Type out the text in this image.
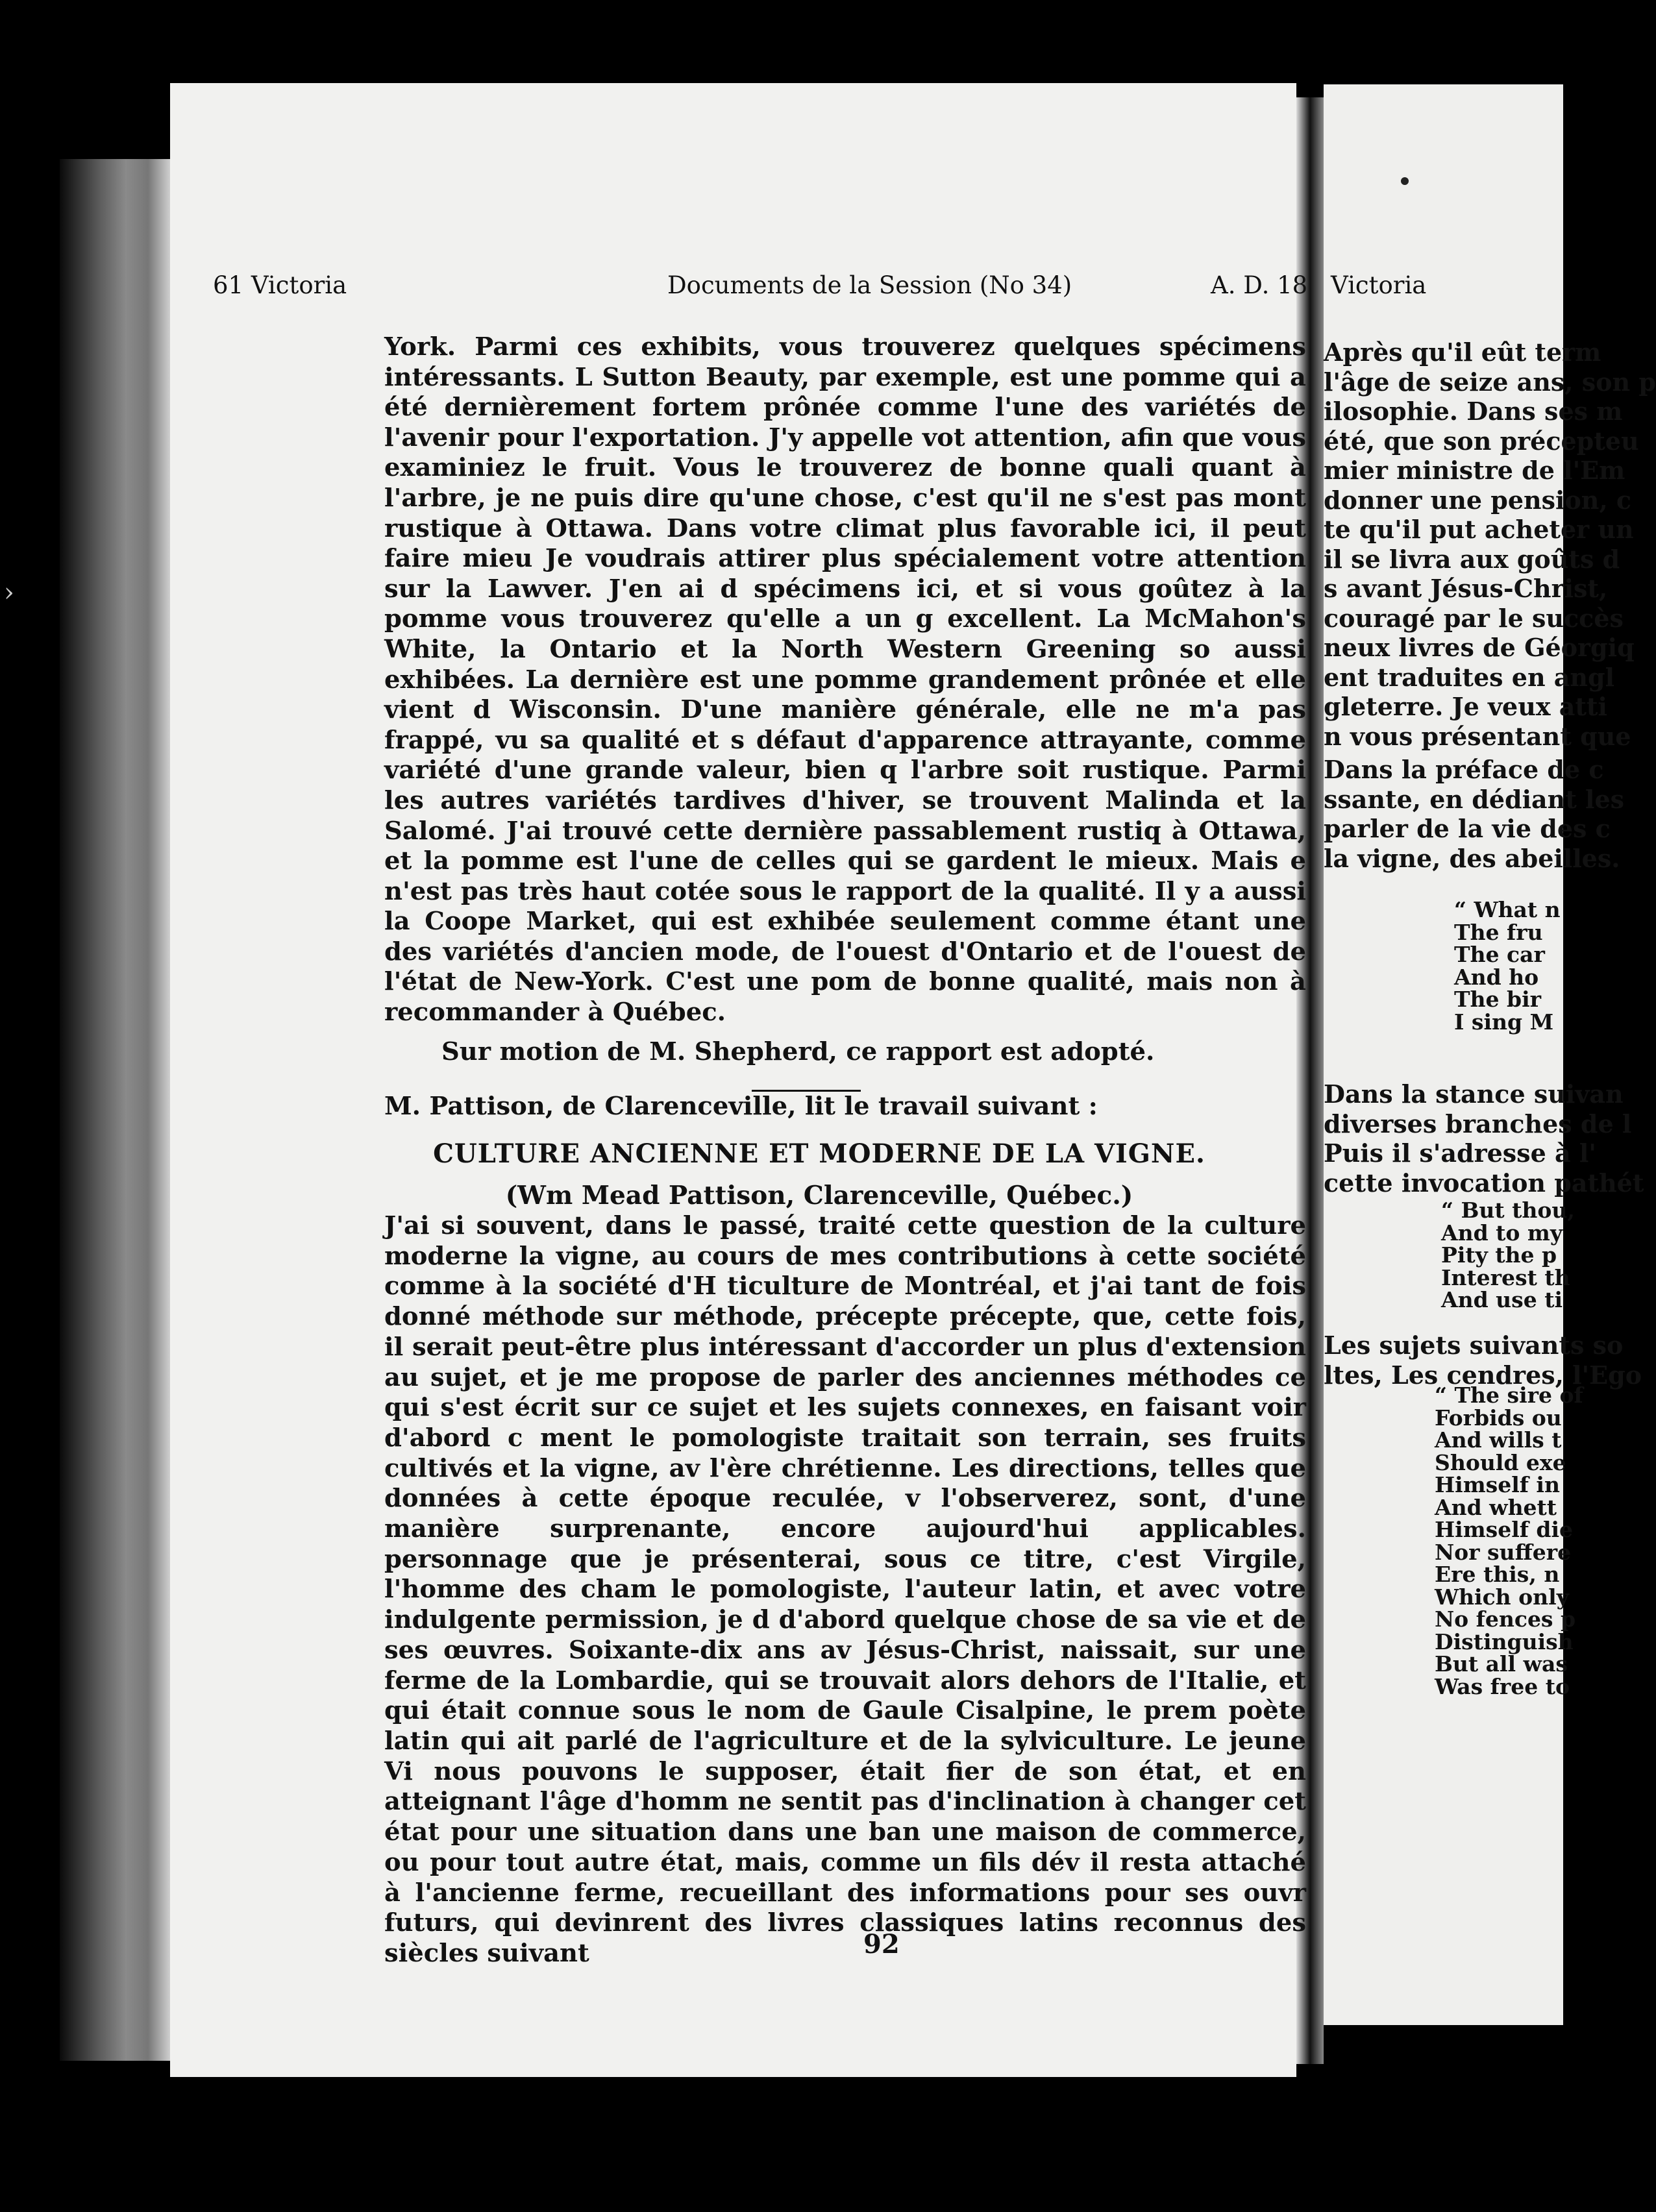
›
61 Victoria	Documents de la Session (No 34)	A. D. 18 Victoria

York. Parmi ces exhibits, vous trouverez quelques spécimens intéressants. L Sutton Beauty, par exemple, est une pomme qui a été dernièrement fortem prônée comme l'une des variétés de l'avenir pour l'exportation. J'y appelle vot attention, afin que vous examiniez le fruit. Vous le trouverez de bonne quali quant à l'arbre, je ne puis dire qu'une chose, c'est qu'il ne s'est pas mont rustique à Ottawa. Dans votre climat plus favorable ici, il peut faire mieu Je voudrais attirer plus spécialement votre attention sur la Lawver. J'en ai d spécimens ici, et si vous goûtez à la pomme vous trouverez qu'elle a un g excellent. La McMahon's White, la Ontario et la North Western Greening so aussi exhibées. La dernière est une pomme grandement prônée et elle vient d Wisconsin. D'une manière générale, elle ne m'a pas frappé, vu sa qualité et s défaut d'apparence attrayante, comme variété d'une grande valeur, bien q l'arbre soit rustique. Parmi les autres variétés tardives d'hiver, se trouvent Malinda et la Salomé. J'ai trouvé cette dernière passablement rustiq à Ottawa, et la pomme est l'une de celles qui se gardent le mieux. Mais e n'est pas très haut cotée sous le rapport de la qualité. Il y a aussi la Coope Market, qui est exhibée seulement comme étant une des variétés d'ancien mode, de l'ouest d'Ontario et de l'ouest de l'état de New-York. C'est une pom de bonne qualité, mais non à recommander à Québec.

Sur motion de M. Shepherd, ce rapport est adopté.

M. Pattison, de Clarenceville, lit le travail suivant :

CULTURE ANCIENNE ET MODERNE DE LA VIGNE.
(Wm Mead Pattison, Clarenceville, Québec.)

J'ai si souvent, dans le passé, traité cette question de la culture moderne la vigne, au cours de mes contributions à cette société comme à la société d'H ticulture de Montréal, et j'ai tant de fois donné méthode sur méthode, précepte précepte, que, cette fois, il serait peut-être plus intéressant d'accorder un plus d'extension au sujet, et je me propose de parler des anciennes méthodes ce qui s'est écrit sur ce sujet et les sujets connexes, en faisant voir d'abord c ment le pomologiste traitait son terrain, ses fruits cultivés et la vigne, av l'ère chrétienne. Les directions, telles que données à cette époque reculée, v l'observerez, sont, d'une manière surprenante, encore aujourd'hui applicables. personnage que je présenterai, sous ce titre, c'est Virgile, l'homme des cham le pomologiste, l'auteur latin, et avec votre indulgente permission, je d d'abord quelque chose de sa vie et de ses œuvres. Soixante-dix ans av Jésus-Christ, naissait, sur une ferme de la Lombardie, qui se trouvait alors dehors de l'Italie, et qui était connue sous le nom de Gaule Cisalpine, le prem poète latin qui ait parlé de l'agriculture et de la sylviculture. Le jeune Vi nous pouvons le supposer, était fier de son état, et en atteignant l'âge d'homm ne sentit pas d'inclination à changer cet état pour une situation dans une ban une maison de commerce, ou pour tout autre état, mais, comme un fils dév il resta attaché à l'ancienne ferme, recueillant des informations pour ses ouvr futurs, qui devinrent des livres classiques latins reconnus des siècles suivant	92
Après qu'il eût term
l'âge de seize ans, son p
ilosophie. Dans ses m
été, que son précepteu
mier ministre de l'Em
donner une pension, c
te qu'il put acheter un
il se livra aux goûts d
s avant Jésus-Christ,
couragé par le succès
neux livres de Géorgiq
ent traduites en angl
gleterre. Je veux atti
n vous présentant que
Dans la préface de c
ssante, en dédiant les
parler de la vie des c
la vigne, des abeilles.
“ What n
The fru
The car
And ho
The bir
I sing M
Dans la stance suivan
diverses branches de l
Puis il s'adresse à l'
cette invocation pathét
“ But thou,
And to my
Pity the p
Interest th
And use ti
Les sujets suivants so
ltes, Les cendres, l'Ego
“ The sire of
Forbids ou
And wills t
Should exe
Himself in
And whett
Himself die
Nor suffere
Ere this, n
Which only
No fences p
Distinguish
But all was
Was free to
